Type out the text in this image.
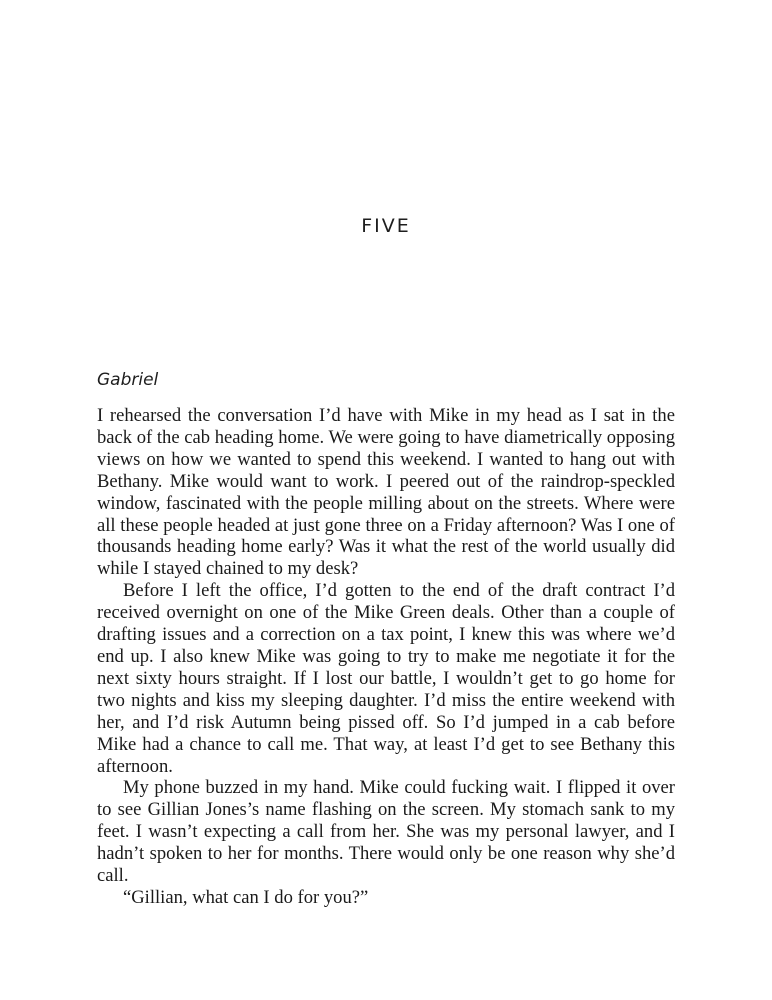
FIVE
Gabriel

I rehearsed the conversation I’d have with Mike in my head as I sat in the back of the cab heading home. We were going to have diametrically opposing views on how we wanted to spend this weekend. I wanted to hang out with Bethany. Mike would want to work. I peered out of the raindrop-speckled window, fascinated with the people milling about on the streets. Where were all these people headed at just gone three on a Friday afternoon? Was I one of thousands heading home early? Was it what the rest of the world usually did while I stayed chained to my desk?

Before I left the office, I’d gotten to the end of the draft contract I’d received overnight on one of the Mike Green deals. Other than a couple of drafting issues and a correction on a tax point, I knew this was where we’d end up. I also knew Mike was going to try to make me negotiate it for the next sixty hours straight. If I lost our battle, I wouldn’t get to go home for two nights and kiss my sleeping daughter. I’d miss the entire weekend with her, and I’d risk Autumn being pissed off. So I’d jumped in a cab before Mike had a chance to call me. That way, at least I’d get to see Bethany this afternoon.

My phone buzzed in my hand. Mike could fucking wait. I flipped it over to see Gillian Jones’s name flashing on the screen. My stomach sank to my feet. I wasn’t expecting a call from her. She was my personal lawyer, and I hadn’t spoken to her for months. There would only be one reason why she’d call.

“Gillian, what can I do for you?”
